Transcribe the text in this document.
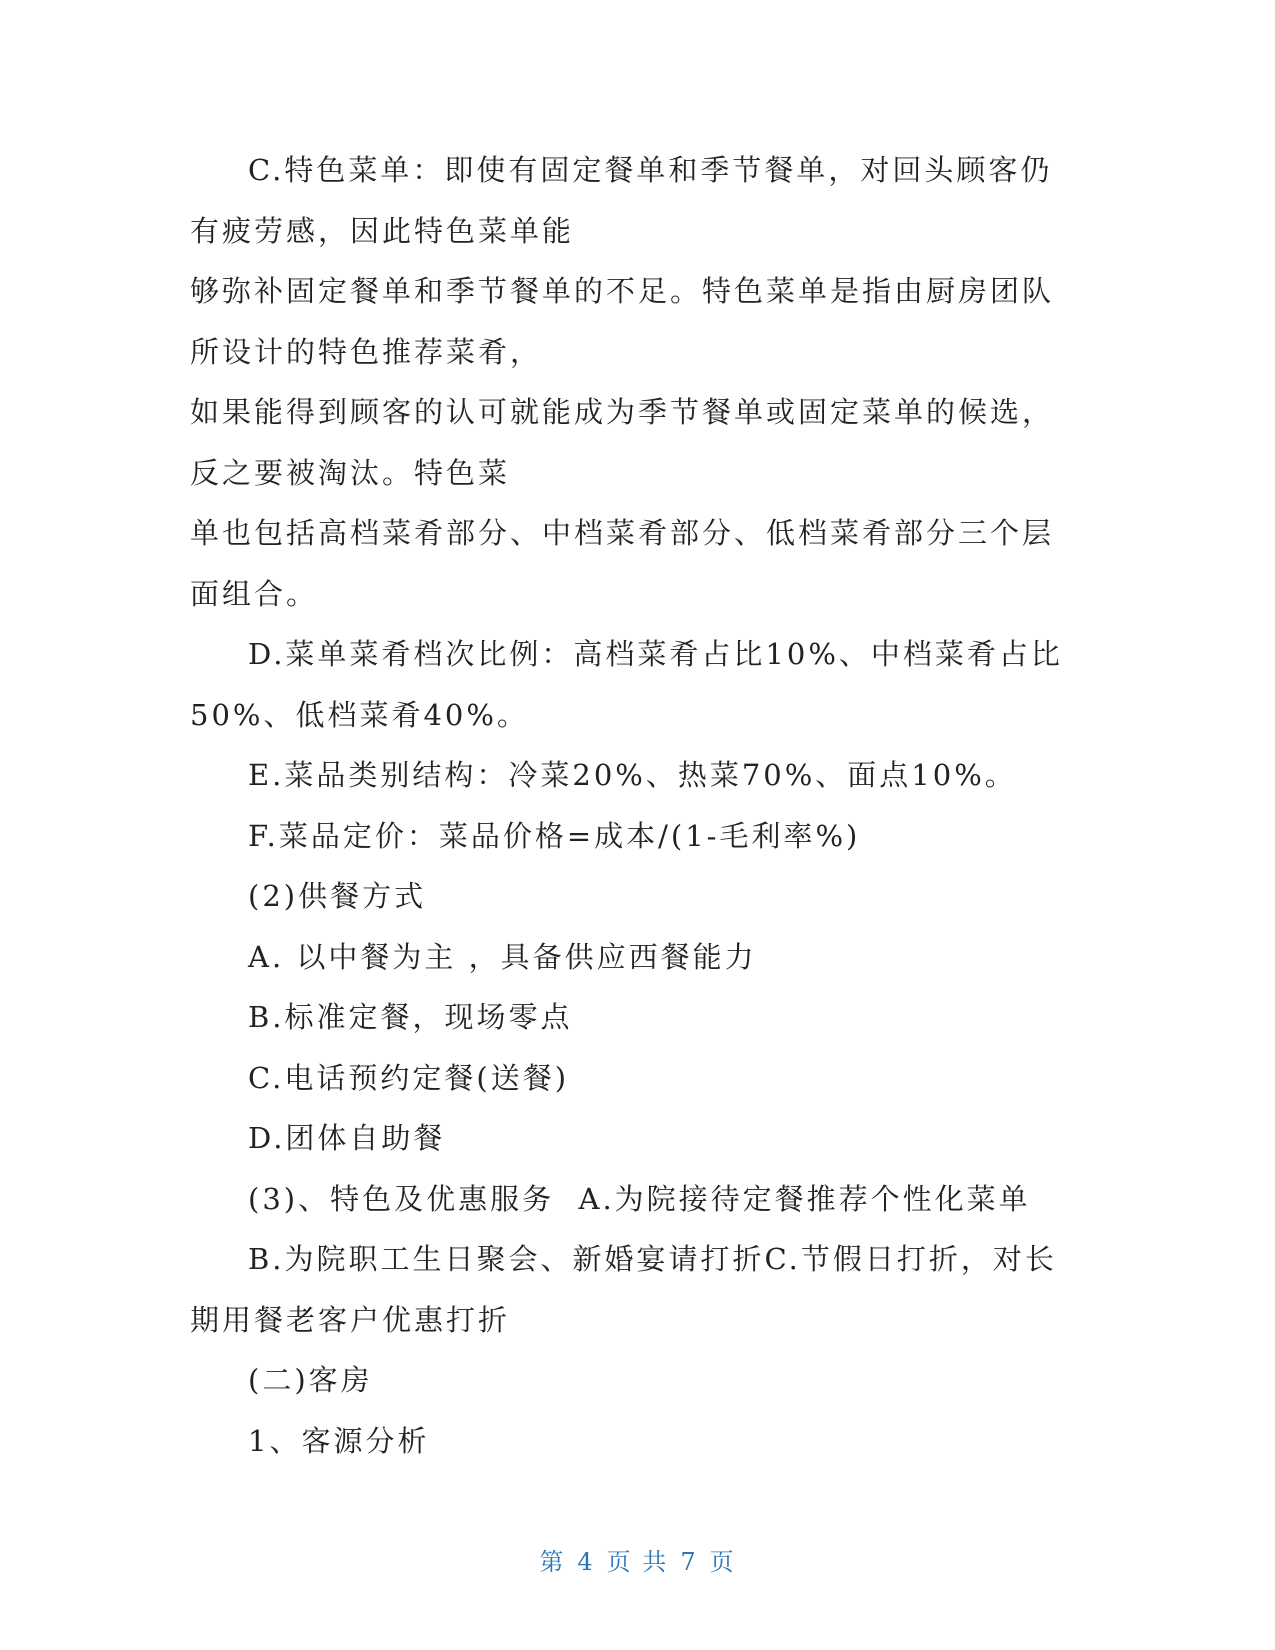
C.特色菜单：即使有固定餐单和季节餐单，对回头顾客仍有疲劳感，因此特色菜单能

够弥补固定餐单和季节餐单的不足。特色菜单是指由厨房团队所设计的特色推荐菜肴，

如果能得到顾客的认可就能成为季节餐单或固定菜单的候选，反之要被淘汰。特色菜

单也包括高档菜肴部分、中档菜肴部分、低档菜肴部分三个层面组合。

D.菜单菜肴档次比例：高档菜肴占比10%、中档菜肴占比50%、低档菜肴40%。

E.菜品类别结构：冷菜20%、热菜70%、面点10%。

F.菜品定价：菜品价格=成本/(1-毛利率%)

(2)供餐方式

A. 以中餐为主 ，具备供应西餐能力

B.标准定餐，现场零点

C.电话预约定餐(送餐)

D.团体自助餐

(3)、特色及优惠服务  A.为院接待定餐推荐个性化菜单

B.为院职工生日聚会、新婚宴请打折C.节假日打折，对长期用餐老客户优惠打折

(二)客房

1、客源分析

第 4 页 共 7 页
